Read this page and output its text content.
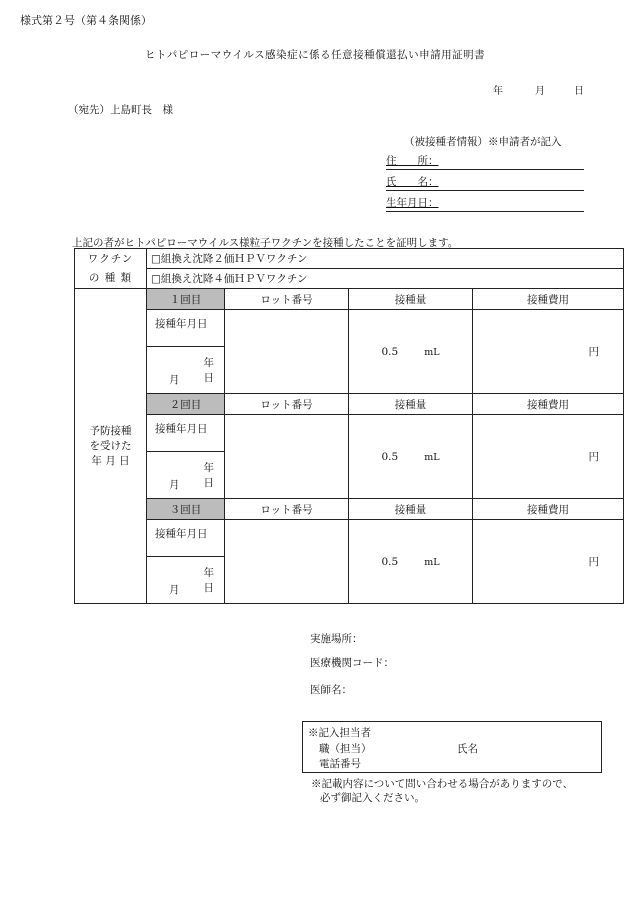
様式第２号（第４条関係）
ヒトパピローマウイルス感染症に係る任意接種償還払い申請用証明書
年	月	日
（宛先）上島町長　様
（被接種者情報）※申請者が記入
住　　所：
氏　　名：
生年月日：
上記の者がヒトパピローマウイルス様粒子ワクチンを接種したことを証明します。
ワクチン
の 種 類	□組換え沈降２価ＨＰＶワクチン			
	□組換え沈降４価ＨＰＶワクチン			

予防接種
を受けた
年 月 日	１回目	ロット番号	接種量	接種費用
	接種年月日		0.5 mL	円

	年
月 日			

	２回目	ロット番号	接種量	接種費用
	接種年月日		0.5 mL	円

	年
月 日			

	３回目	ロット番号	接種量	接種費用
	接種年月日		0.5 mL	円

	年
月 日			
実施場所：
医療機関コード：
医師名：
※記入担当者
職（担当）	氏名
電話番号
※記載内容について問い合わせる場合がありますので、
必ず御記入ください。
